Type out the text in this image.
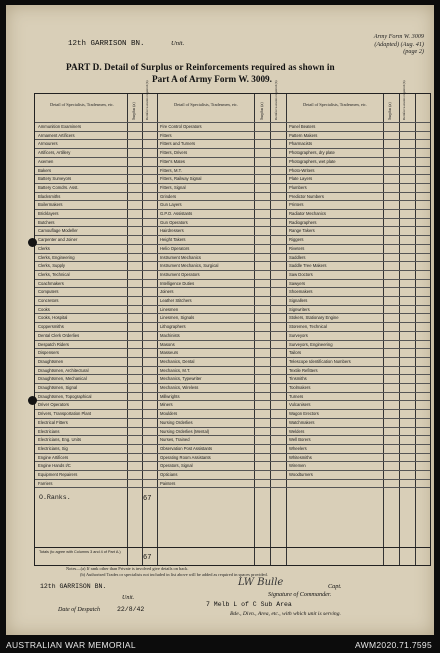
Army Form W. 3009
(Adapted) (Aug. 41)
(page 2)
12th GARRISON BN.	Unit.
PART D. Detail of Surplus or Reinforcements required as shown in
Part A of Army Form W. 3009.
Detail of Specialists, Tradesmen, etc.	Detail of Specialists, Tradesmen, etc.	Detail of Specialists, Tradesmen, etc.
Surplus (a)	Reinforce-ments required (b)	Surplus (a)	Reinforce-ments required (b)	Surplus (a)	Reinforce-ments required (b)
O.Ranks.	67
Totals (to agree with Columns 3 and 4 of Part A.)
67
Ammunition Examiners
Armament Artificers
Armourers
Artificers, Artillery
Axemen
Bakers
Battery Surveyors
Battery Comdrs. Asst.
Blacksmiths
Boilermakers
Bricklayers
Butchers
Camouflage Modeller
Carpenter and Joiner
Clerks
Clerks, Engineering
Clerks, Supply
Clerks, Technical
Coachmakers
Computers
Concretors
Cooks
Cooks, Hospital
Coppersmiths
Dental Clerk Orderlies
Despatch Riders
Dispensers
Draughtsmen
Draughtsmen, Architectural
Draughtsmen, Mechanical
Draughtsmen, Signal
Draughtsmen, Topographical
Driver Operators
Drivers, Transportation Plant
Electrical Fitters
Electricians
Electricians, Eng. Units
Electricians, Sig
Engine Artificers
Engine Hands I/C
Equipment Repairers
Farriers
Fire Control Operators
Fitters
Fitters and Turners
Fitters, Drivers
Fitter's Mates
Fitters, M.T.
Fitters, Railway Signal
Fitters, Signal
Grinders
Gun Layers
G.P.O. Assistants
Gun Operators
Hairdressers
Height Takers
Helio Operators
Instrument Mechanics
Instrument Mechanics, Surgical
Instrument Operators
Intelligence Duties
Joiners
Leather Stitchers
Linesmen
Linesmen, Signals
Lithographers
Machinists
Masons
Masseurs
Mechanics, Dental
Mechanics, M.T.
Mechanics, Typewriter
Mechanics, Wireless
Millwrights
Miners
Moulders
Nursing Orderlies
Nursing Orderlies (Mental)
Nurses, Trained
Observation Post Assistants
Operating Room Assistants
Operators, Signal
Opticians
Painters
Panel Beaters
Pattern Makers
Pharmacists
Photographers, dry plate
Photographers, wet plate
Photo-Writers
Plate Layers
Plumbers
Predictor Numbers
Printers
Radiator Mechanics
Radiographers
Range Takers
Riggers
Riveters
Saddlers
Saddle Tree Makers
Saw Doctors
Sawyers
Shoemakers
Signallers
Signwriters
Stokers, Stationary Engine
Storemen, Technical
Surveyors
Surveyors, Engineering
Tailors
Telescope Identification Numbers
Textile Refitters
Tinsmiths
Toolmakers
Turners
Vulcanisers
Wagon Erectors
Watchmakers
Welders
Well Borers
Wheelers
Whitesmiths
Wiremen
Woodturners
Notes—(a) If rank other than Private is involved give details on back.
(b) Authorised Trades or specialists not included in list above will be added as required in spaces provided.
12th GARRISON BN.
Unit.
LW Bulle	Capt.
Signature of Commander.
Date of Despatch	22/8/42
7 Melb L of C Sub Area
Bde., Divn., Area, etc., with which unit is serving.
AUSTRALIAN WAR MEMORIAL	AWM2020.71.7595
